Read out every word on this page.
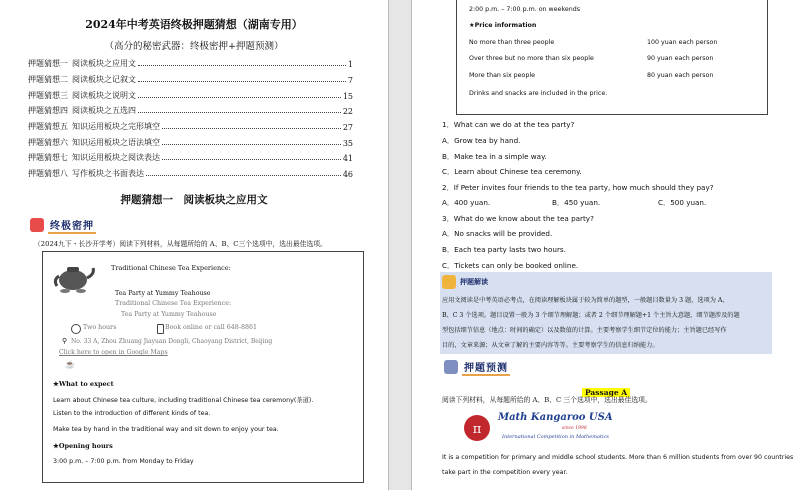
2024年中考英语终极押题猜想（湖南专用）
（高分的秘密武器：终极密押+押题预测）
押题猜想一 阅读板块之应用文	1
押题猜想二 阅读板块之记叙文	7
押题猜想三 阅读板块之说明文	15
押题猜想四 阅读板块之五选四	22
押题猜想五 知识运用板块之完形填空	27
押题猜想六 知识运用板块之语法填空	35
押题猜想七 知识运用板块之阅读表达	41
押题猜想八 写作板块之书面表达	46
押题猜想一　阅读板块之应用文
终极密押
（2024九下・长沙开学考）阅读下列材料，从每题所给的 A、B、C三个选项中，选出最佳选项。
Traditional Chinese Tea Experience:
Tea Party at Yummy Teahouse
Traditional Chinese Tea Experience:
Tea Party at Yummy Teahouse
Two hours	Book online or call 648-8861
⚲ No. 33 A, Zhou Zhuang Jiayuan Dongli, Chaoyang District, Beijing
Click here to open in Google Maps
☕
★What to expect
Learn about Chinese tea culture, including traditional Chinese tea ceremony(茶道).
Listen to the introduction of different kinds of tea.
Make tea by hand in the traditional way and sit down to enjoy your tea.
★Opening hours
3:00 p.m. – 7:00 p.m. from Monday to Friday
2:00 p.m. – 7:00 p.m. on weekends
★Price information
No more than three people	100 yuan each person
Over three but no more than six people	90 yuan each person
More than six people	80 yuan each person
Drinks and snacks are included in the price.
1．What can we do at the tea party?
A．Grow tea by hand.
B．Make tea in a simple way.
C．Learn about Chinese tea ceremony.
2．If Peter invites four friends to the tea party, how much should they pay?
A．400 yuan.	B．450 yuan.	C．500 yuan.
3．What do we know about the tea party?
A．No snacks will be provided.
B．Each tea party lasts two hours.
C．Tickets can only be booked online.
押题解读
应用文阅读是中考英语必考点，在阅读理解板块属于较为简单的题型，一般题目数量为 3 题，选项为 A、
B、C 3 个选项。题目设置一般为 3 个细节理解题；或者 2 个细节理解题+1 个主旨大意题，细节题涉及的题
型包括细节信息（地点：时间的确定）以及数值的计算。主要考察学生细节定位的能力；主旨题已经写作
目的，文章来源；从文章了解的主要内容等等。主要考察学生的信息归纳能力。
押题预测
Passage A
阅读下列材料，从每题所给的 A、B、C 三个选项中，选出最佳选项。
π
Math Kangaroo USA
since 1998
International Competition in Mathematics
It is a competition for primary and middle school students. More than 6 million students from over 90 countries
take part in the competition every year.
